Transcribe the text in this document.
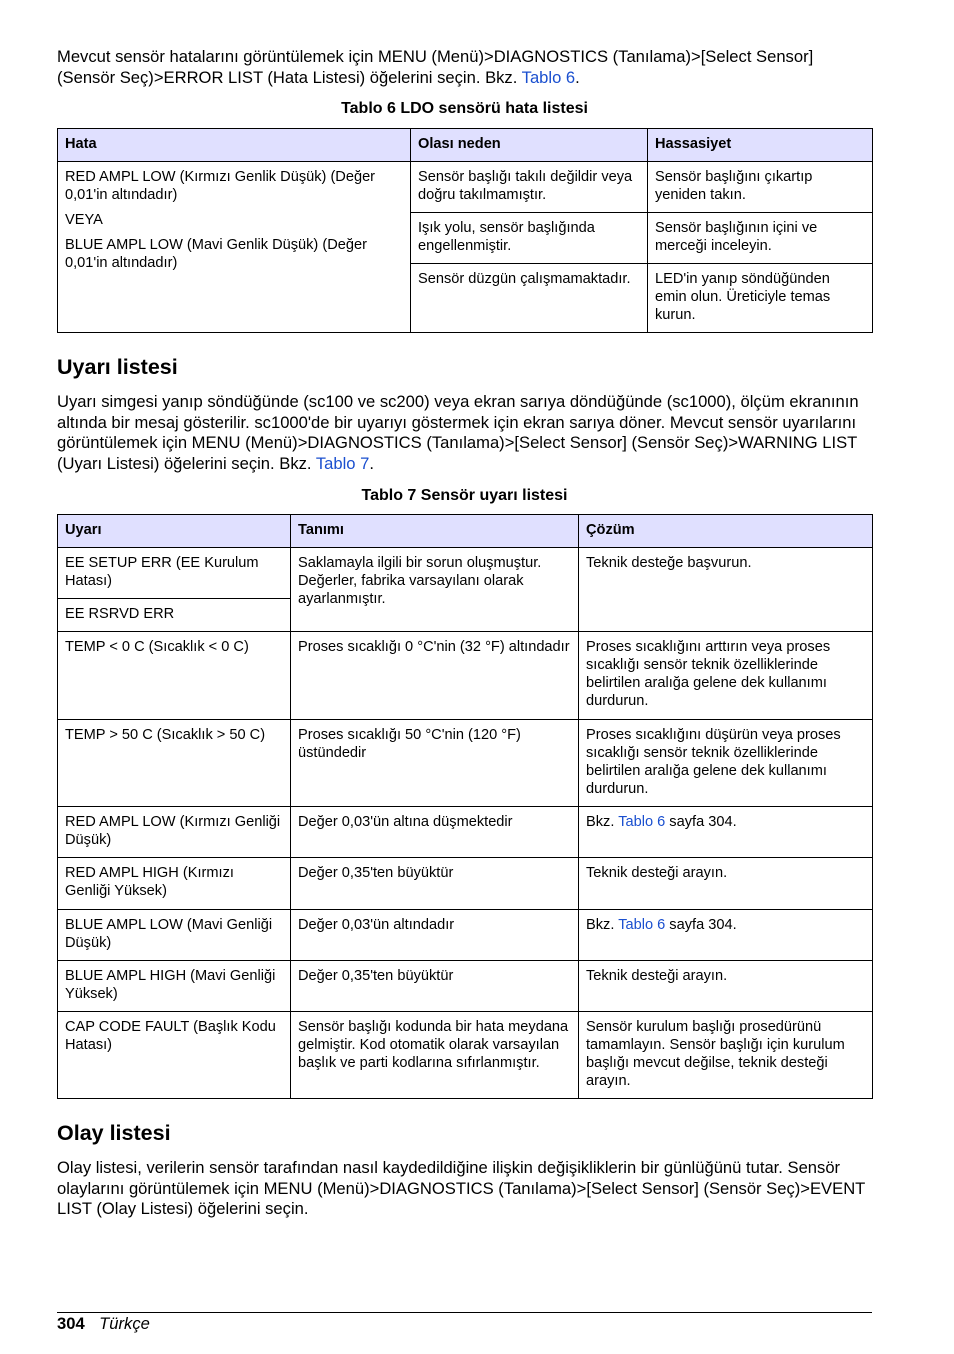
Mevcut sensör hatalarını görüntülemek için MENU (Menü)>DIAGNOSTICS (Tanılama)>[Select Sensor] (Sensör Seç)>ERROR LIST (Hata Listesi) öğelerini seçin. Bkz. Tablo 6.

Tablo 6 LDO sensörü hata listesi

Hata	Olası neden	Hassasiyet

RED AMPL LOW (Kırmızı Genlik Düşük) (Değer 0,01'in altındadır)

VEYA

BLUE AMPL LOW (Mavi Genlik Düşük) (Değer 0,01'in altındadır)	Sensör başlığı takılı değildir veya doğru takılmamıştır.	Sensör başlığını çıkartıp yeniden takın.
	Işık yolu, sensör başlığında engellenmiştir.	Sensör başlığının içini ve merceği inceleyin.
	Sensör düzgün çalışmamaktadır.	LED'in yanıp söndüğünden emin olun. Üreticiyle temas kurun.
Uyarı listesi

Uyarı simgesi yanıp söndüğünde (sc100 ve sc200) veya ekran sarıya döndüğünde (sc1000), ölçüm ekranının altında bir mesaj gösterilir. sc1000'de bir uyarıyı göstermek için ekran sarıya döner. Mevcut sensör uyarılarını görüntülemek için MENU (Menü)>DIAGNOSTICS (Tanılama)>[Select Sensor] (Sensör Seç)>WARNING LIST (Uyarı Listesi) öğelerini seçin. Bkz. Tablo 7.

Tablo 7 Sensör uyarı listesi

Uyarı	Tanımı	Çözüm
EE SETUP ERR (EE Kurulum Hatası)	Saklamayla ilgili bir sorun oluşmuştur. Değerler, fabrika varsayılanı olarak ayarlanmıştır.	Teknik desteğe başvurun.
EE RSRVD ERR		
TEMP < 0 C (Sıcaklık < 0 C)	Proses sıcaklığı 0 °C'nin (32 °F) altındadır	Proses sıcaklığını arttırın veya proses sıcaklığı sensör teknik özelliklerinde belirtilen aralığa gelene dek kullanımı durdurun.
TEMP > 50 C (Sıcaklık > 50 C)	Proses sıcaklığı 50 °C'nin (120 °F) üstündedir	Proses sıcaklığını düşürün veya proses sıcaklığı sensör teknik özelliklerinde belirtilen aralığa gelene dek kullanımı durdurun.
RED AMPL LOW (Kırmızı Genliği Düşük)	Değer 0,03'ün altına düşmektedir	Bkz. Tablo 6 sayfa 304.
RED AMPL HIGH (Kırmızı Genliği Yüksek)	Değer 0,35'ten büyüktür	Teknik desteği arayın.
BLUE AMPL LOW (Mavi Genliği Düşük)	Değer 0,03'ün altındadır	Bkz. Tablo 6 sayfa 304.
BLUE AMPL HIGH (Mavi Genliği Yüksek)	Değer 0,35'ten büyüktür	Teknik desteği arayın.
CAP CODE FAULT (Başlık Kodu Hatası)	Sensör başlığı kodunda bir hata meydana gelmiştir. Kod otomatik olarak varsayılan başlık ve parti kodlarına sıfırlanmıştır.	Sensör kurulum başlığı prosedürünü tamamlayın. Sensör başlığı için kurulum başlığı mevcut değilse, teknik desteği arayın.
Olay listesi

Olay listesi, verilerin sensör tarafından nasıl kaydedildiğine ilişkin değişikliklerin bir günlüğünü tutar. Sensör olaylarını görüntülemek için MENU (Menü)>DIAGNOSTICS (Tanılama)>[Select Sensor] (Sensör Seç)>EVENT LIST (Olay Listesi) öğelerini seçin.

304 Türkçe
